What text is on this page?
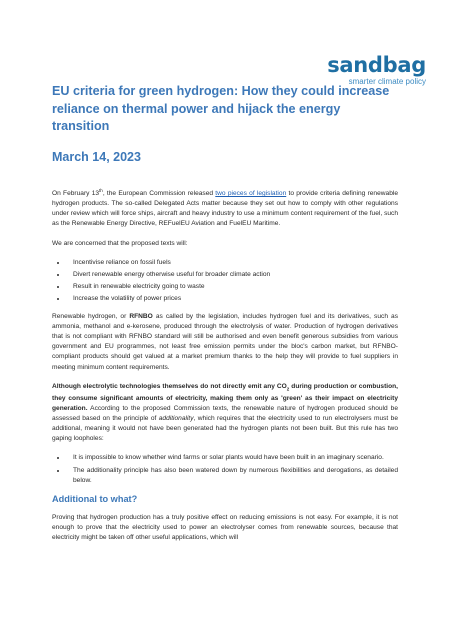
sandbag
smarter climate policy
EU criteria for green hydrogen: How they could increase reliance on thermal power and hijack the energy transition
March 14, 2023

On February 13th, the European Commission released two pieces of legislation to provide criteria defining renewable hydrogen products. The so-called Delegated Acts matter because they set out how to comply with other regulations under review which will force ships, aircraft and heavy industry to use a minimum content requirement of the fuel, such as the Renewable Energy Directive, REFuelEU Aviation and FuelEU Maritime.

We are concerned that the proposed texts will:

• Incentivise reliance on fossil fuels
• Divert renewable energy otherwise useful for broader climate action
• Result in renewable electricity going to waste
• Increase the volatility of power prices

Renewable hydrogen, or RFNBO as called by the legislation, includes hydrogen fuel and its derivatives, such as ammonia, methanol and e-kerosene, produced through the electrolysis of water. Production of hydrogen derivatives that is not compliant with RFNBO standard will still be authorised and even benefit generous subsidies from various government and EU programmes, not least free emission permits under the bloc's carbon market, but RFNBO-compliant products should get valued at a market premium thanks to the help they will provide to fuel suppliers in meeting minimum content requirements.

Although electrolytic technologies themselves do not directly emit any $CO_2$ during production or combustion, they consume significant amounts of electricity, making them only as 'green' as their impact on electricity generation. According to the proposed Commission texts, the renewable nature of hydrogen produced should be assessed based on the principle of additionality, which requires that the electricity used to run electrolysers must be additional, meaning it would not have been generated had the hydrogen plants not been built. But this rule has two gaping loopholes:

• It is impossible to know whether wind farms or solar plants would have been built in an imaginary scenario.
• The additionality principle has also been watered down by numerous flexibilities and derogations, as detailed below.
Additional to what?

Proving that hydrogen production has a truly positive effect on reducing emissions is not easy. For example, it is not enough to prove that the electricity used to power an electrolyser comes from renewable sources, because that electricity might be taken off other useful applications, which will
